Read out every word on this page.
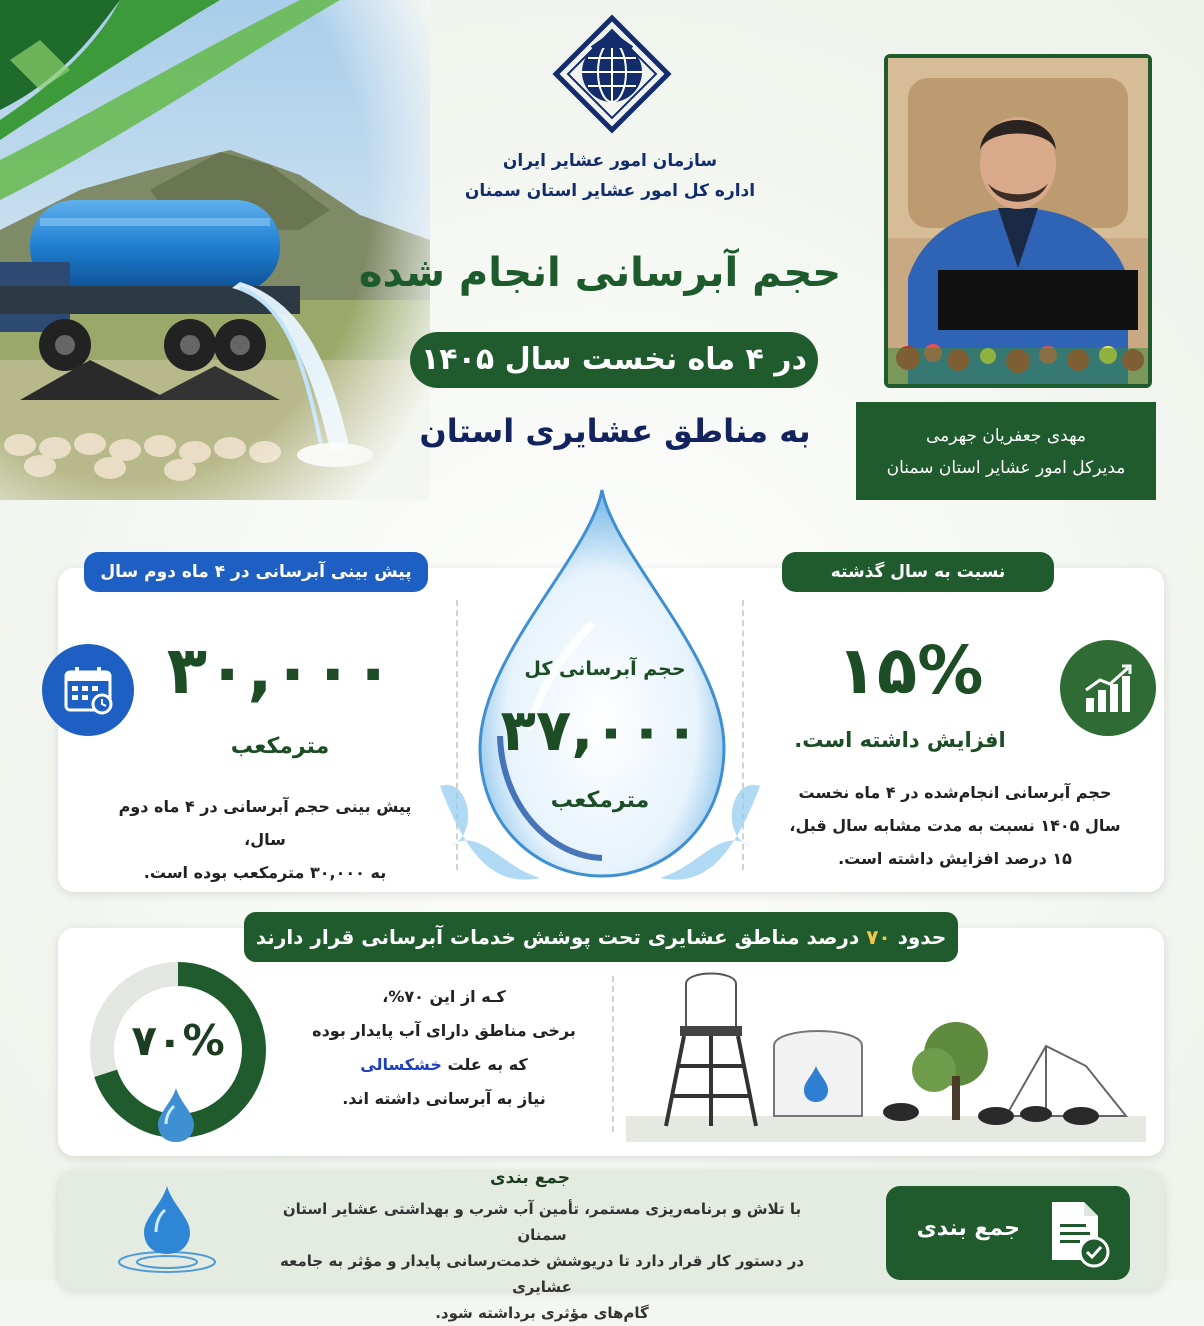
سازمان امور عشایر ایران
اداره کل امور عشایر استان سمنان
حجم آبرسانی انجام شده
در ۴ ماه نخست سال ۱۴۰۵
به مناطق عشایری استان	مهدی جعفریان جهرمی
مدیرکل امور عشایر استان سمنان
پیش بینی آبرسانی در ۴ ماه دوم سال	نسبت به سال گذشته
۳۰,۰۰۰
مترمکعب
پیش بینی حجم آبرسانی در ۴ ماه دوم سال،
به ۳۰,۰۰۰ مترمکعب بوده است.
حجم آبرسانی کل
۳۷,۰۰۰
مترمکعب
۱۵%
افزایش داشته است.
حجم آبرسانی انجام‌شده در ۴ ماه نخست
سال ۱۴۰۵ نسبت به مدت مشابه سال قبل،
۱۵ درصد افزایش داشته است.
حدود ۷۰ درصد مناطق عشایری تحت پوشش خدمات آبرسانی قرار دارند
۷۰%
کـه از این ۷۰%،
برخی مناطق دارای آب پایدار بوده
که به علت خشکسالی
نیاز به آبرسانی داشته اند.
جمع بندی
با تلاش و برنامه‌ریزی مستمر، تأمین آب شرب و بهداشتی عشایر استان سمنان
در دستور کار قرار دارد تا دریوشش خدمت‌رسانی پایدار و مؤثر به جامعه عشایری
گام‌های مؤثری برداشته شود.
جمع بندی
